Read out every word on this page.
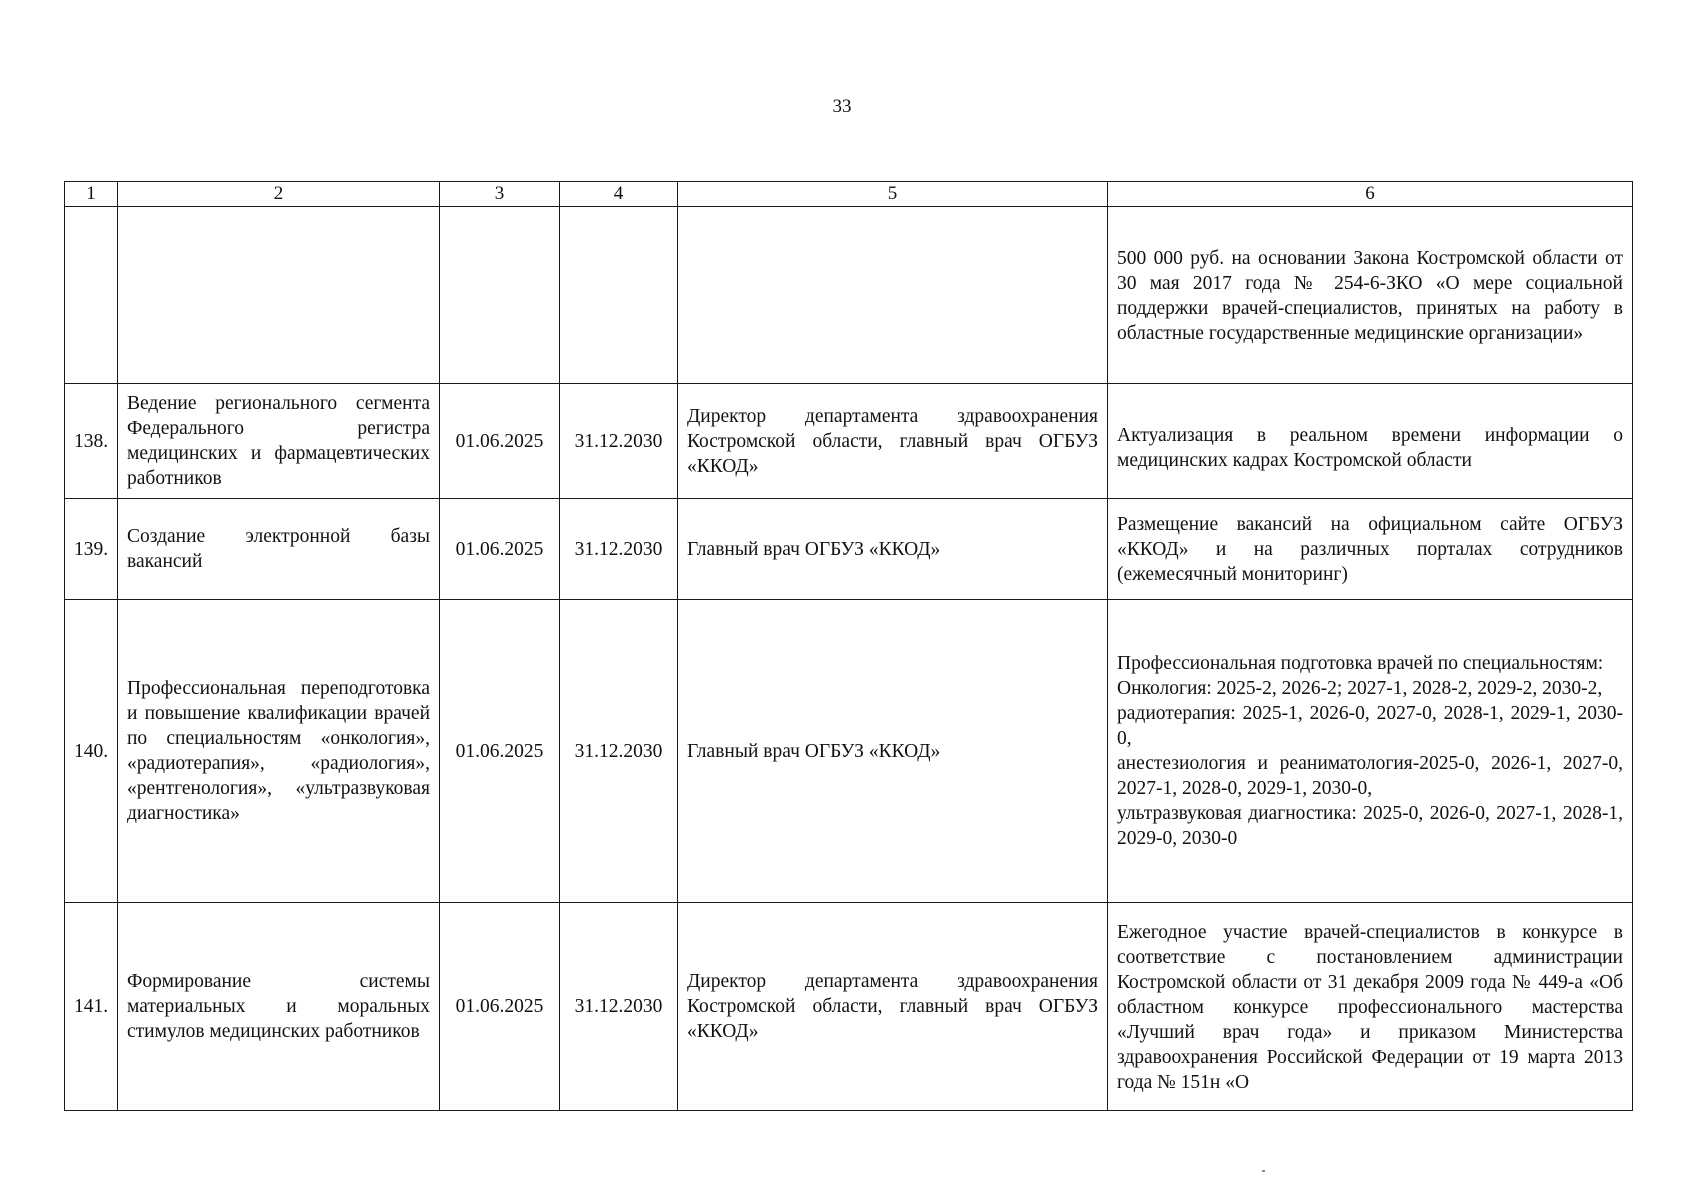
33
1	2	3	4	5	6
					500 000 руб. на основании Закона Костромской области от 30 мая 2017 года № 254-6-ЗКО «О мере социальной поддержки врачей-специалистов, принятых на работу в областные государственные медицинские организации»
138.	Ведение регионального сегмента Федерального регистра медицинских и фармацевтических работников	01.06.2025	31.12.2030	Директор департамента здравоохранения Костромской области, главный врач ОГБУЗ «ККОД»	Актуализация в реальном времени информации о медицинских кадрах Костромской области
139.	Создание электронной базы вакансий	01.06.2025	31.12.2030	Главный врач ОГБУЗ «ККОД»	Размещение вакансий на официальном сайте ОГБУЗ «ККОД» и на различных порталах сотрудников (ежемесячный мониторинг)
140.	Профессиональная переподготовка и повышение квалификации врачей по специальностям «онкология», «радиотерапия», «радиология», «рентгенология», «ультразвуковая диагностика»	01.06.2025	31.12.2030	Главный врач ОГБУЗ «ККОД»	Профессиональная подготовка врачей по специальностям:
Онкология: 2025-2, 2026-2; 2027-1, 2028-2, 2029-2, 2030-2,
радиотерапия: 2025-1, 2026-0, 2027-0, 2028-1, 2029-1, 2030-0,
анестезиология и реаниматология-2025-0, 2026-1, 2027-0, 2027-1, 2028-0, 2029-1, 2030-0,
ультразвуковая диагностика: 2025-0, 2026-0, 2027-1, 2028-1, 2029-0, 2030-0
141.	Формирование системы материальных и моральных стимулов медицинских работников	01.06.2025	31.12.2030	Директор департамента здравоохранения Костромской области, главный врач ОГБУЗ «ККОД»	Ежегодное участие врачей-специалистов в конкурсе в соответствие с постановлением администрации Костромской области от 31 декабря 2009 года № 449-а «Об областном конкурсе профессионального мастерства «Лучший врач года» и приказом Министерства здравоохранения Российской Федерации от 19 марта 2013 года № 151н «О
